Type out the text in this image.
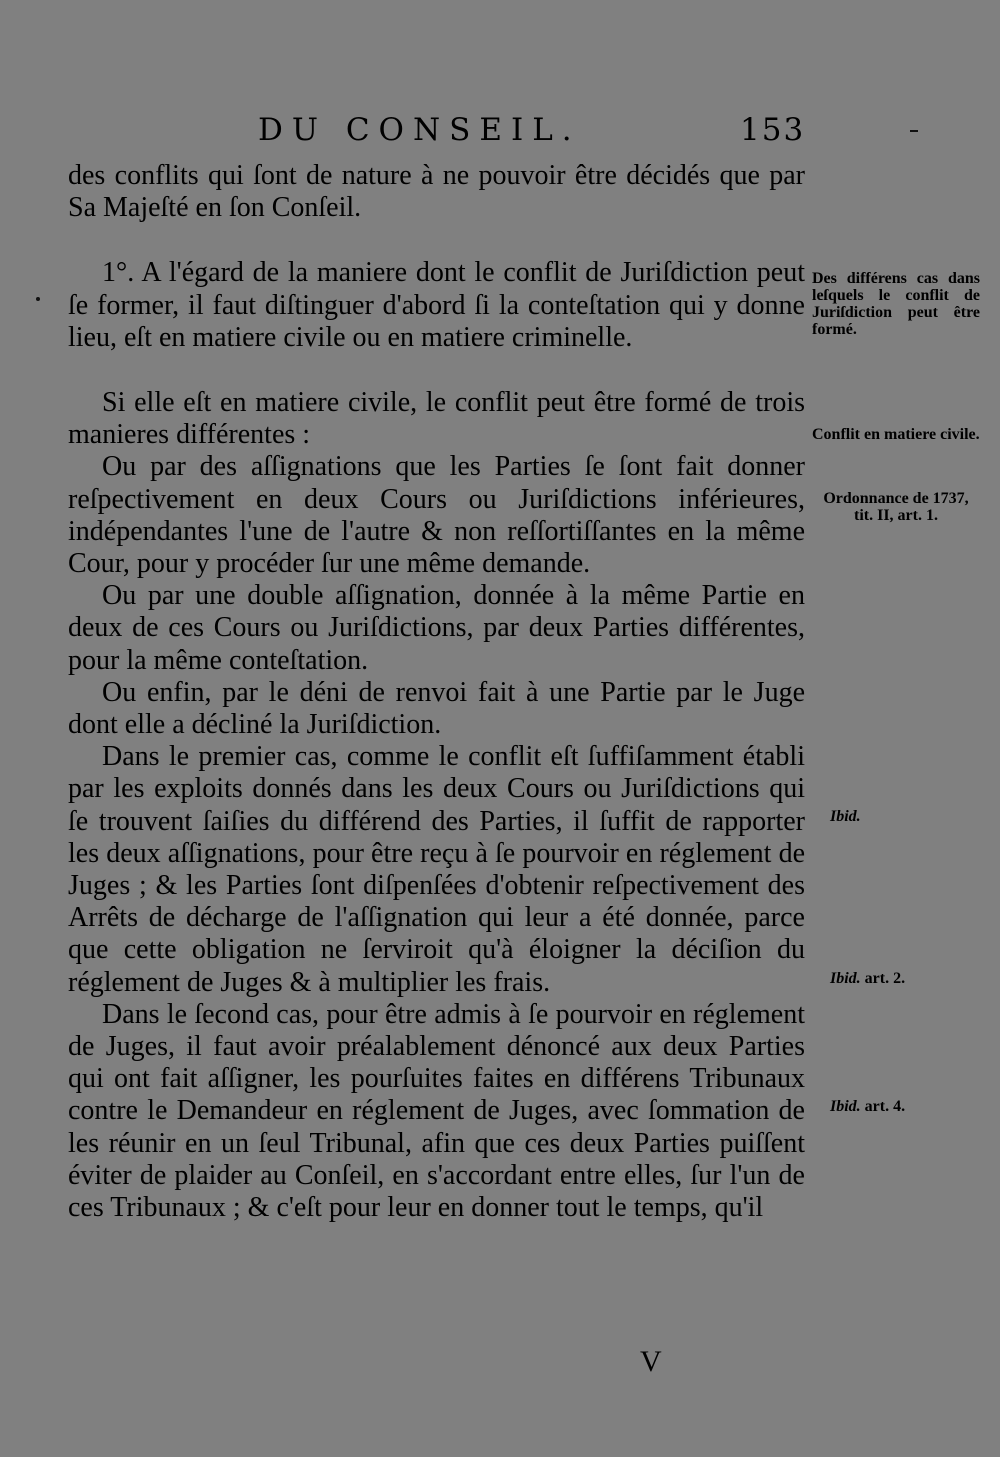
DU CONSEIL.	153

des conflits qui ſont de nature à ne pouvoir être décidés que par Sa Majeſté en ſon Conſeil.

1°. A l'égard de la maniere dont le conflit de Juriſdiction peut ſe former, il faut diſtinguer d'abord ſi la conteſtation qui y donne lieu, eſt en matiere civile ou en matiere criminelle.

Si elle eſt en matiere civile, le conflit peut être formé de trois manieres différentes :

Ou par des aſſignations que les Parties ſe ſont fait donner reſpectivement en deux Cours ou Juriſdictions inférieures, indépendantes l'une de l'autre & non reſſortiſſantes en la même Cour, pour y procéder ſur une même demande.

Ou par une double aſſignation, donnée à la même Partie en deux de ces Cours ou Juriſdictions, par deux Parties différentes, pour la même conteſtation.

Ou enfin, par le déni de renvoi fait à une Partie par le Juge dont elle a décliné la Juriſdiction.

Dans le premier cas, comme le conflit eſt ſuffiſamment établi par les exploits donnés dans les deux Cours ou Juriſdictions qui ſe trouvent ſaiſies du différend des Parties, il ſuffit de rapporter les deux aſſignations, pour être reçu à ſe pourvoir en réglement de Juges ; & les Parties ſont diſpenſées d'obtenir reſpectivement des Arrêts de décharge de l'aſſignation qui leur a été donnée, parce que cette obligation ne ſerviroit qu'à éloigner la déciſion du réglement de Juges & à multiplier les frais.

Dans le ſecond cas, pour être admis à ſe pourvoir en réglement de Juges, il faut avoir préalablement dénoncé aux deux Parties qui ont fait aſſigner, les pourſuites faites en différens Tribunaux contre le Demandeur en réglement de Juges, avec ſommation de les réunir en un ſeul Tribunal, afin que ces deux Parties puiſſent éviter de plaider au Conſeil, en s'accordant entre elles, ſur l'un de ces Tribunaux ; & c'eſt pour leur en donner tout le temps, qu'il

Des différens cas dans leſquels le conflit de Juriſdiction peut être formé.
Conflit en matiere civile.
Ordonnance de 1737, tit. II, art. 1.
Ibid.
Ibid. art. 2.
Ibid. art. 4.
V
